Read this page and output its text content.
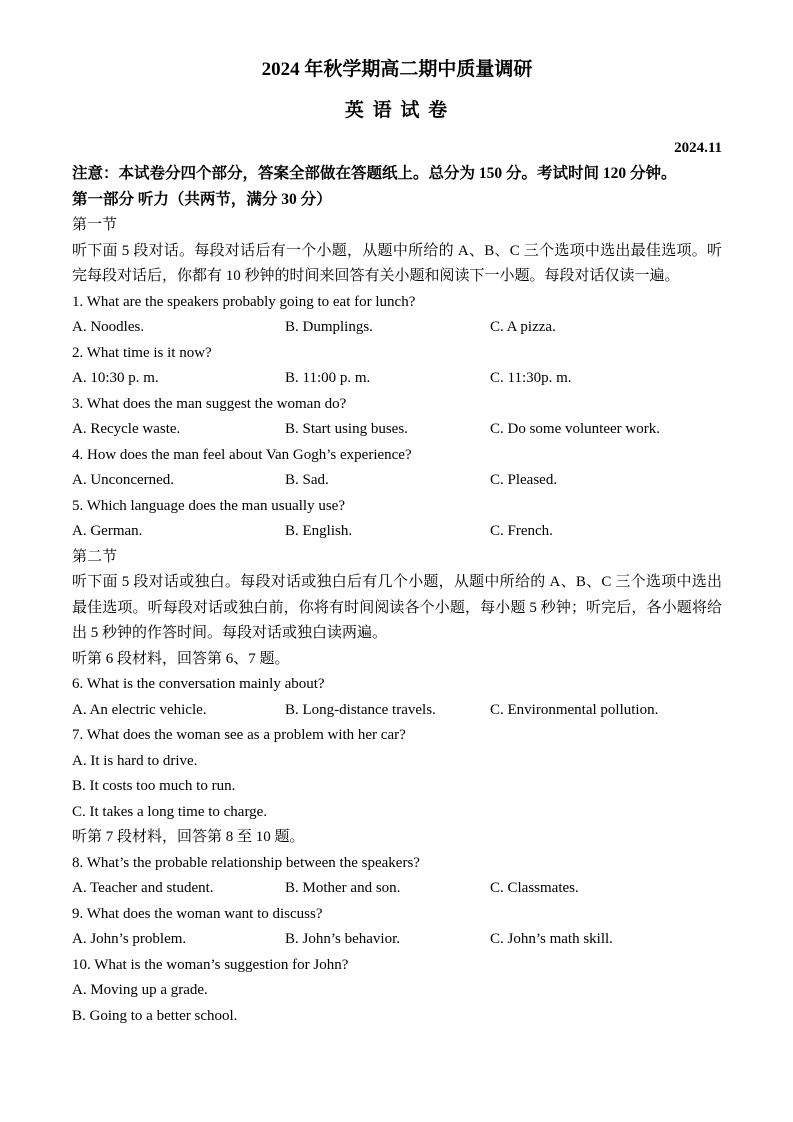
2024 年秋学期高二期中质量调研
英 语 试 卷
2024.11
注意：本试卷分四个部分，答案全部做在答题纸上。总分为 150 分。考试时间 120 分钟。
第一部分 听力（共两节，满分 30 分）
第一节
听下面 5 段对话。每段对话后有一个小题，从题中所给的 A、B、C 三个选项中选出最佳选项。听完每段对话后，你都有 10 秒钟的时间来回答有关小题和阅读下一小题。每段对话仅读一遍。
1. What are the speakers probably going to eat for lunch?
A. Noodles.	B. Dumplings.	C. A pizza.
2. What time is it now?
A. 10:30 p. m.	B. 11:00 p. m.	C. 11:30p. m.
3. What does the man suggest the woman do?
A. Recycle waste.	B. Start using buses.	C. Do some volunteer work.
4. How does the man feel about Van Gogh’s experience?
A. Unconcerned.	B. Sad.	C. Pleased.
5. Which language does the man usually use?
A. German.	B. English.	C. French.
第二节
听下面 5 段对话或独白。每段对话或独白后有几个小题，从题中所给的 A、B、C 三个选项中选出最佳选项。听每段对话或独白前，你将有时间阅读各个小题，每小题 5 秒钟；听完后，各小题将给出 5 秒钟的作答时间。每段对话或独白读两遍。
听第 6 段材料，回答第 6、7 题。
6. What is the conversation mainly about?
A. An electric vehicle.	B. Long-distance travels.	C. Environmental pollution.
7. What does the woman see as a problem with her car?
A. It is hard to drive.
B. It costs too much to run.
C. It takes a long time to charge.
听第 7 段材料，回答第 8 至 10 题。
8. What’s the probable relationship between the speakers?
A. Teacher and student.	B. Mother and son.	C. Classmates.
9. What does the woman want to discuss?
A. John’s problem.	B. John’s behavior.	C. John’s math skill.
10. What is the woman’s suggestion for John?
A. Moving up a grade.
B. Going to a better school.
